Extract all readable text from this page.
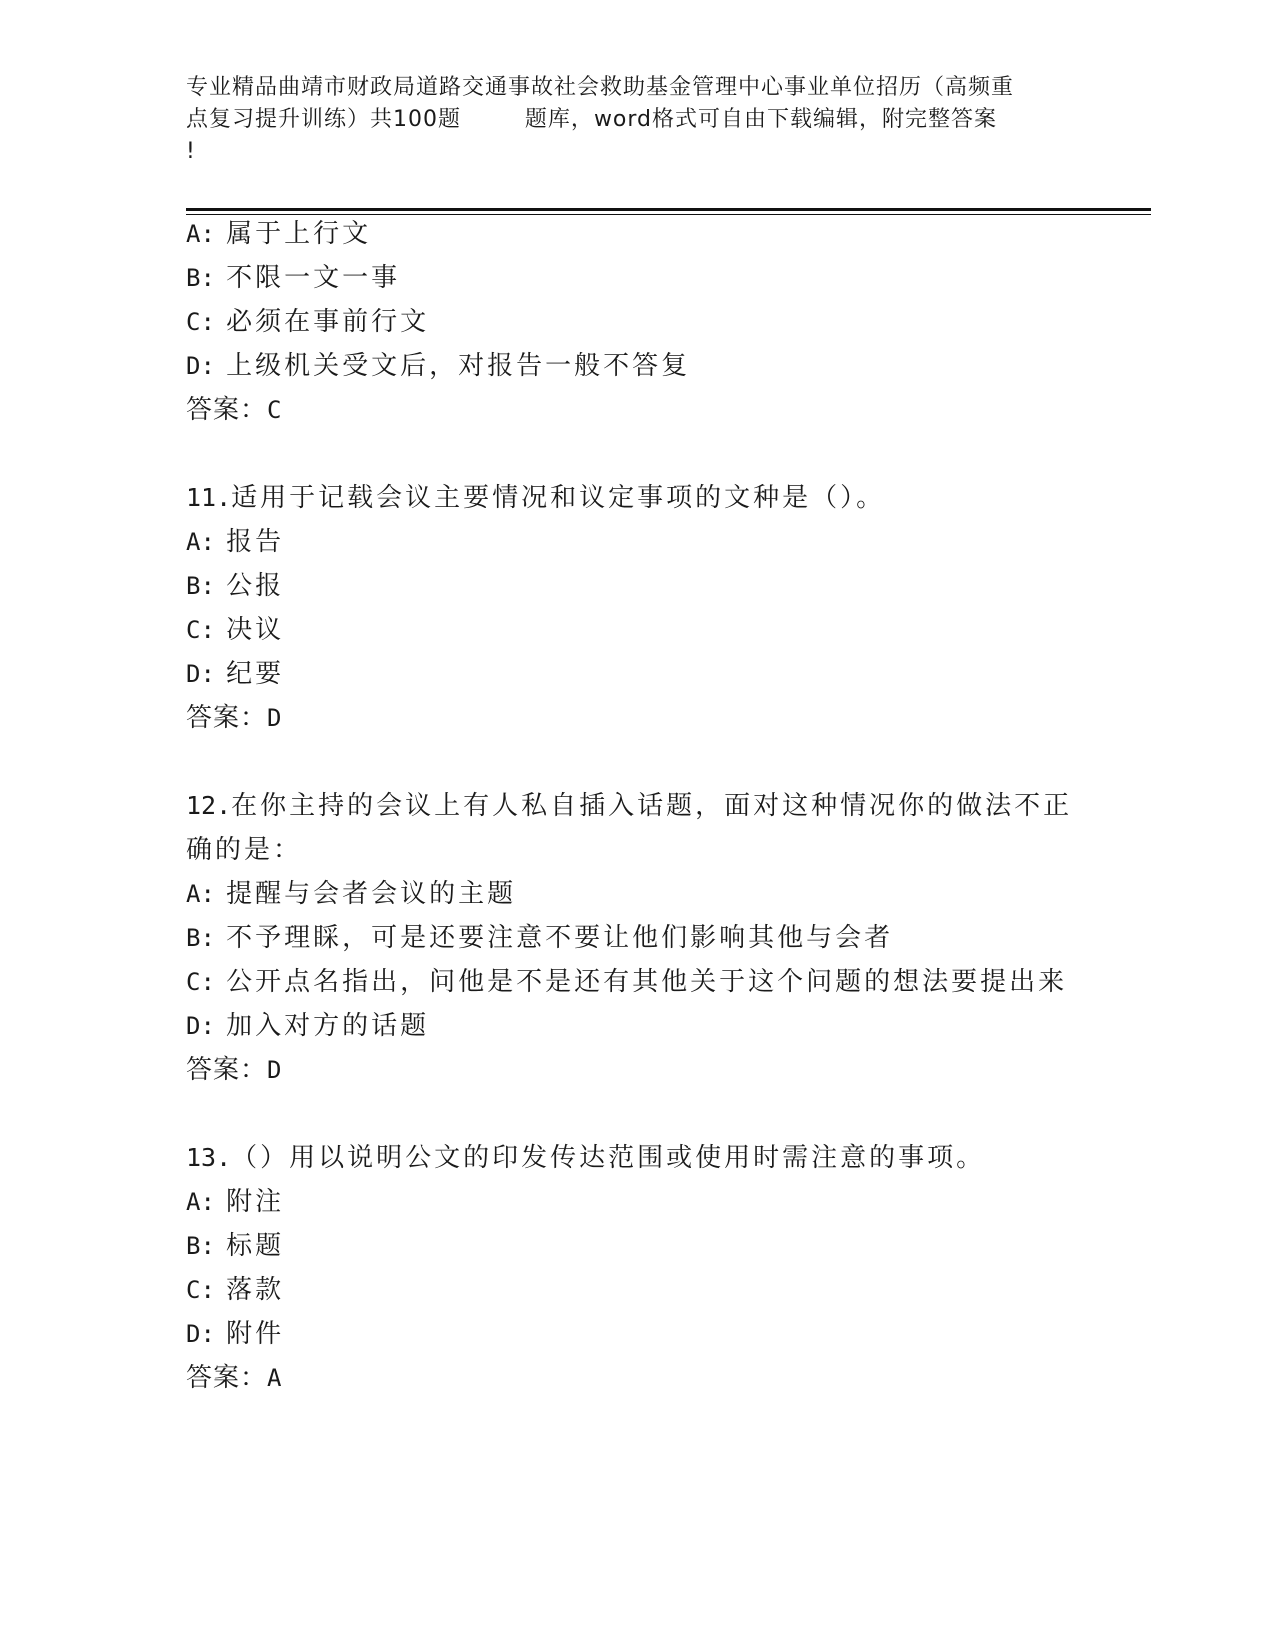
专业精品曲靖市财政局道路交通事故社会救助基金管理中心事业单位招历（高频重
点复习提升训练）共100题        题库，word格式可自由下载编辑，附完整答案
!
A: 属于上行文
B: 不限一文一事
C: 必须在事前行文
D: 上级机关受文后，对报告一般不答复
答案：C
11.适用于记载会议主要情况和议定事项的文种是（）。
A: 报告
B: 公报
C: 决议
D: 纪要
答案：D
12.在你主持的会议上有人私自插入话题，面对这种情况你的做法不正
确的是：
A: 提醒与会者会议的主题
B: 不予理睬，可是还要注意不要让他们影响其他与会者
C: 公开点名指出，问他是不是还有其他关于这个问题的想法要提出来
D: 加入对方的话题
答案：D
13.（）用以说明公文的印发传达范围或使用时需注意的事项。
A: 附注
B: 标题
C: 落款
D: 附件
答案：A
